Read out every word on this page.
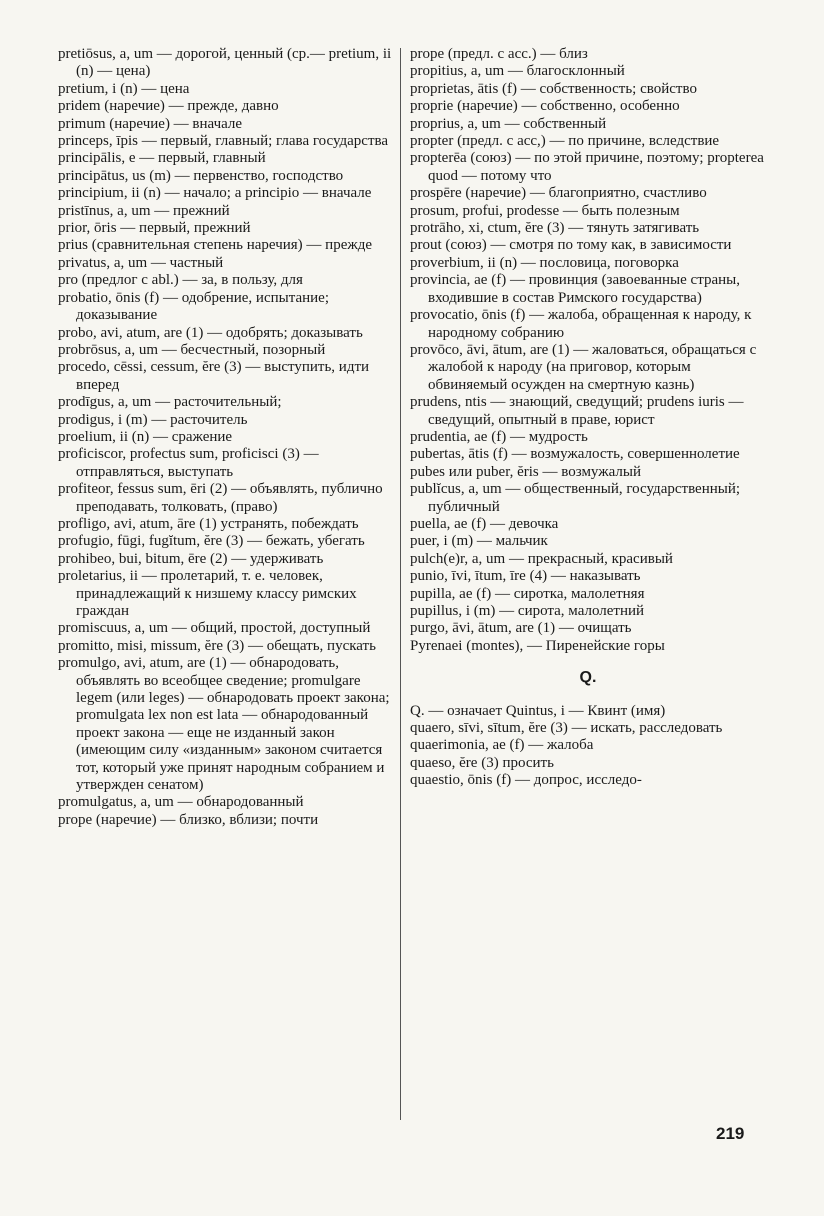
pretiōsus, a, um — дорогой, ценный (ср.— pretium, ii (n) — цена)

pretium, i (n) — цена

pridem (наречие) — прежде, давно

primum (наречие) — вначале

princeps, īpis — первый, главный; глава государства

principālis, e — первый, главный

principātus, us (m) — первенство, господство

principium, ii (n) — начало; a principio — вначале

pristīnus, a, um — прежний

prior, ōris — первый, прежний

prius (сравнительная степень наречия) — прежде

privatus, a, um — частный

pro (предлог с abl.) — за, в пользу, для

probatio, ōnis (f) — одобрение, испытание; доказывание

probo, avi, atum, are (1) — одобрять; доказывать

probrōsus, a, um — бесчестный, позорный

procedo, cēssi, cessum, ĕre (3) — выступить, идти вперед

prodīgus, a, um — расточительный;

prodigus, i (m) — расточитель

proelium, ii (n) — сражение

proficiscor, profectus sum, proficisci (3) — отправляться, выступать

profiteor, fessus sum, ēri (2) — объявлять, публично преподавать, толковать, (право)

profligo, avi, atum, āre (1) устранять, побеждать

profugio, fūgi, fugĭtum, ĕre (3) — бежать, убегать

prohibeo, bui, bitum, ēre (2) — удерживать

proletarius, ii — пролетарий, т. е. человек, принадлежащий к низшему классу римских граждан

promiscuus, a, um — общий, простой, доступный

promitto, misi, missum, ĕre (3) — обещать, пускать

promulgo, avi, atum, are (1) — обнародовать, объявлять во всеобщее сведение; promulgare legem (или leges) — обнародовать проект закона; promulgata lex non est lata — обнародованный проект закона — еще не изданный закон (имеющим силу «изданным» законом считается тот, который уже принят народным собранием и утвержден сенатом)

promulgatus, a, um — обнародованный

prope (наречие) — близко, вблизи; почти

prope (предл. с acc.) — близ

propitius, a, um — благосклонный

proprietas, ātis (f) — собственность; свойство

proprie (наречие) — собственно, особенно

proprius, a, um — собственный

propter (предл. с acc,) — по причине, вследствие

propterēa (союз) — по этой причине, поэтому; propterea quod — потому что

prospēre (наречие) — благоприятно, счастливо

prosum, profui, prodesse — быть полезным

protrāho, xi, ctum, ĕre (3) — тянуть затягивать

prout (союз) — смотря по тому как, в зависимости

proverbium, ii (n) — пословица, поговорка

provincia, ae (f) — провинция (завоеванные страны, входившие в состав Римского государства)

provocatio, ōnis (f) — жалоба, обращенная к народу, к народному собранию

provōco, āvi, ātum, are (1) — жаловаться, обращаться с жалобой к народу (на приговор, которым обвиняемый осужден на смертную казнь)

prudens, ntis — знающий, сведущий; prudens iuris — сведущий, опытный в праве, юрист

prudentia, ae (f) — мудрость

pubertas, ātis (f) — возмужалость, совершеннолетие

pubes или puber, ĕris — возмужалый

publĭcus, a, um — общественный, государственный; публичный

puella, ae (f) — девочка

puer, i (m) — мальчик

pulch(e)r, a, um — прекрасный, красивый

punio, īvi, ītum, īre (4) — наказывать

pupilla, ae (f) — сиротка, малолетняя

pupillus, i (m) — сирота, малолетний

purgo, āvi, ātum, are (1) — очищать

Pyrenaei (montes), — Пиренейские горы

Q.

Q. — означает Quintus, i — Квинт (имя)

quaero, sīvi, sītum, ĕre (3) — искать, расследовать

quaerimonia, ae (f) — жалоба

quaeso, ĕre (3) просить

quaestio, ōnis (f) — допрос, исследо-

219
